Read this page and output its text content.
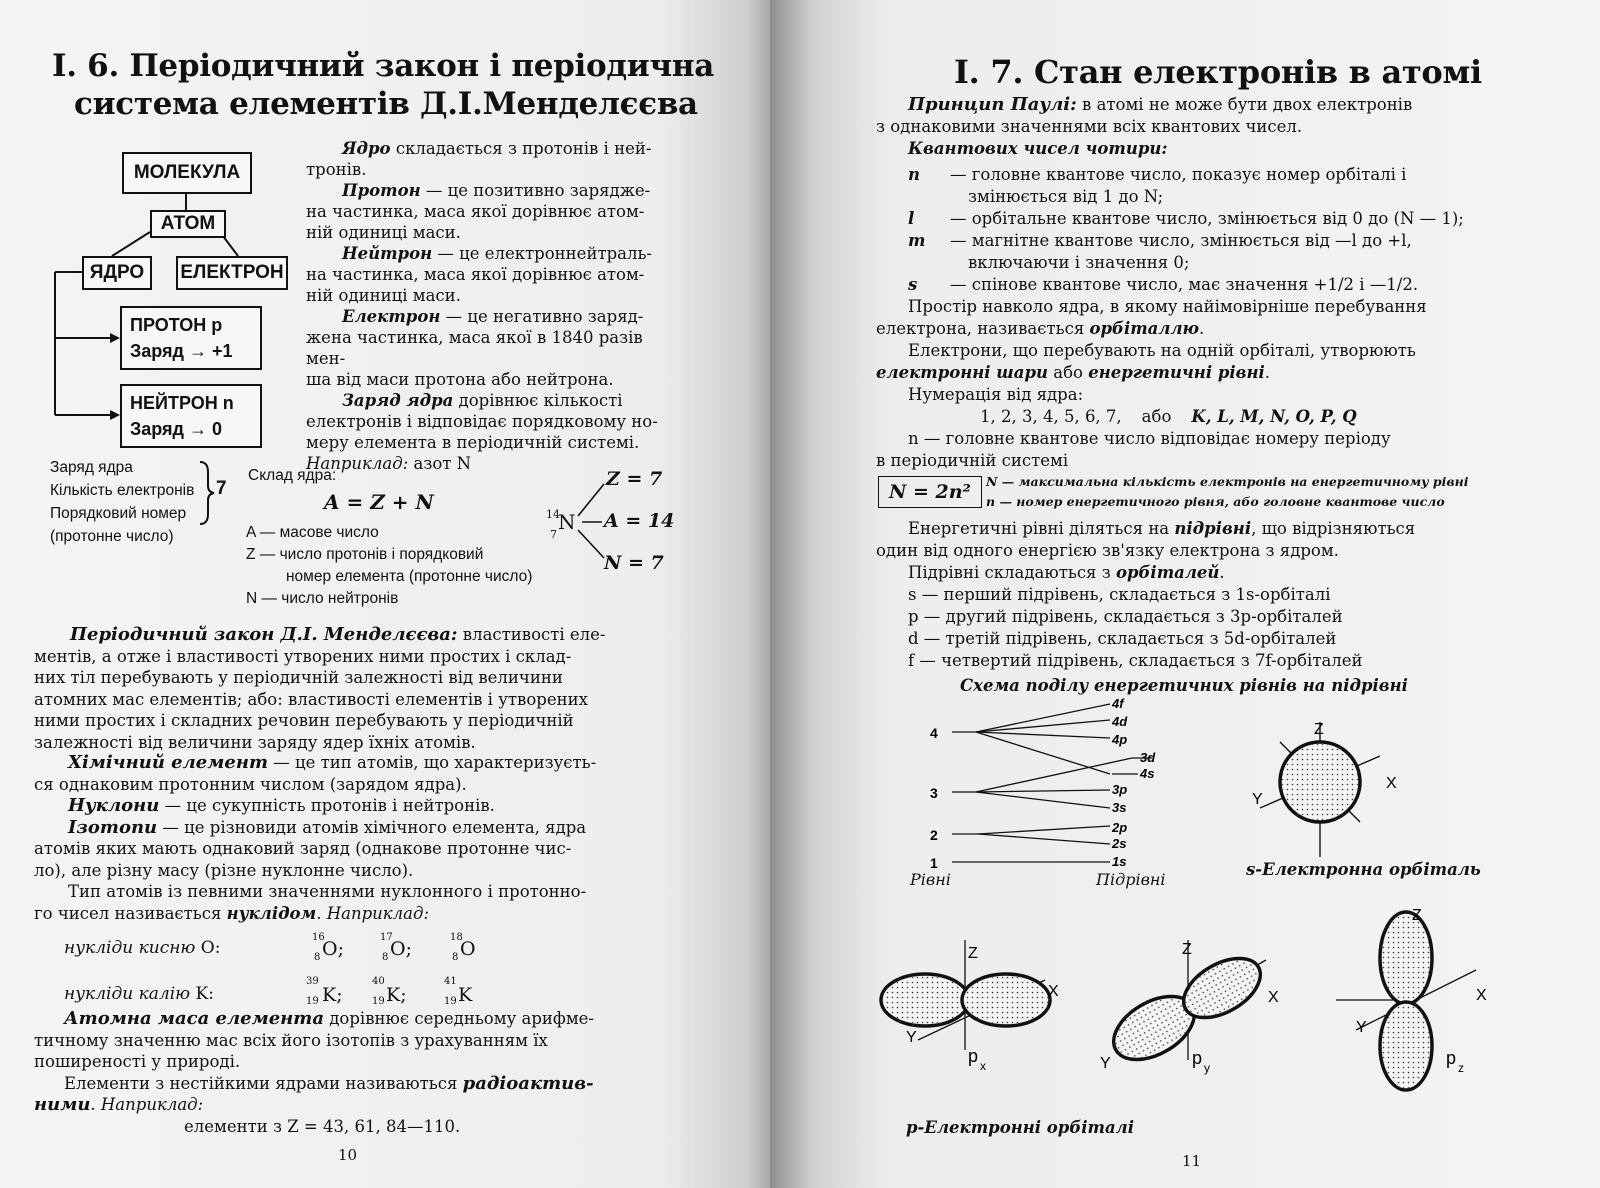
І. 6. Періодичний закон і періодична
система елементів Д.І.Менделєєва
МОЛЕКУЛА
АТОМ
ЯДРО	ЕЛЕКТРОН
ПРОТОН p
Заряд → +1
НЕЙТРОН n
Заряд → 0
Ядро складається з протонів і ней-
тронів.
Протон — це позитивно зарядже-
на частинка, маса якої дорівнює атом-
ній одиниці маси.
Нейтрон — це електроннейтраль-
на частинка, маса якої дорівнює атом-
ній одиниці маси.
Електрон — це негативно заряд-
жена частинка, маса якої в 1840 разів мен-
ша від маси протона або нейтрона.
Заряд ядра дорівнює кількості
електронів і відповідає порядковому но-
меру елемента в періодичній системі.
Наприклад: азот N
Заряд ядра
Кількість електронів
Порядковий номер
(протонне число)
7
Склад ядра:
A = Z + N
A — масове число
Z — число протонів і порядковий
номер елемента (протонне число)
N — число нейтронів
14
7
N
Z = 7
A = 14
N = 7
Періодичний закон Д.І. Менделєєва: властивості еле-
ментів, а отже і властивості утворених ними простих і склад-
них тіл перебувають у періодичній залежності від величини
атомних мас елементів; або: властивості елементів і утворених
ними простих і складних речовин перебувають у періодичній
залежності від величини заряду ядер їхніх атомів.
Хімічний елемент — це тип атомів, що характеризуєть-
ся однаковим протонним числом (зарядом ядра).
Нуклони — це сукупність протонів і нейтронів.
Ізотопи — це різновиди атомів хімічного елемента, ядра
атомів яких мають однаковий заряд (однакове протонне чис-
ло), але різну масу (різне нуклонне число).
Тип атомів із певними значеннями нуклонного і протонно-
го чисел називається нуклідом. Наприклад:
нукліди кисню O:
16
8 O;
17
8 O;
18
8 O
нукліди калію K:
39
19 K;
40
19 K;
41
19 K
Атомна маса елемента дорівнює середньому арифме-
тичному значенню мас всіх його ізотопів з урахуванням їх
поширеності у природі.
Елементи з нестійкими ядрами називаються радіоактив-
ними. Наприклад:
елементи з Z = 43, 61, 84—110.
10
І. 7. Стан електронів в атомі
Принцип Паулі: в атомі не може бути двох електронів
з однаковими значеннями всіх квантових чисел.
Квантових чисел чотири:
n	— головне квантове число, показує номер орбіталі і
змінюється від 1 до N;
l	— орбітальне квантове число, змінюється від 0 до (N — 1);
m	— магнітне квантове число, змінюється від —l до +l,
включаючи і значення 0;
s	— спінове квантове число, має значення +1/2 і —1/2.
Простір навколо ядра, в якому найімовірніше перебування
електрона, називається орбіталлю.
Електрони, що перебувають на одній орбіталі, утворюють
електронні шари або енергетичні рівні.
Нумерація від ядра:
1, 2, 3, 4, 5, 6, 7, або K, L, M, N, O, P, Q
n — головне квантове число відповідає номеру періоду
в періодичній системі
N = 2n²	N — максимальна кількість електронів на енергетичному рівні
n — номер енергетичного рівня, або головне квантове число
Енергетичні рівні діляться на підрівні, що відрізняються
один від одного енергією зв'язку електрона з ядром.
Підрівні складаються з орбіталей.
s — перший підрівень, складається з 1s-орбіталі
p — другий підрівень, складається з 3p-орбіталей
d — третій підрівень, складається з 5d-орбіталей
f — четвертий підрівень, складається з 7f-орбіталей
Схема поділу енергетичних рівнів на підрівні
1
2
3
4
1s
2s
2p
3s
3p
4s
3d
4p
4d
4f
Рівні	Підрівні
Z
X
Y
s-Електронна орбіталь
Z
X
Y
p x
Z
X
Y	p y
Z
X
Y
p z
p-Електронні орбіталі
11
